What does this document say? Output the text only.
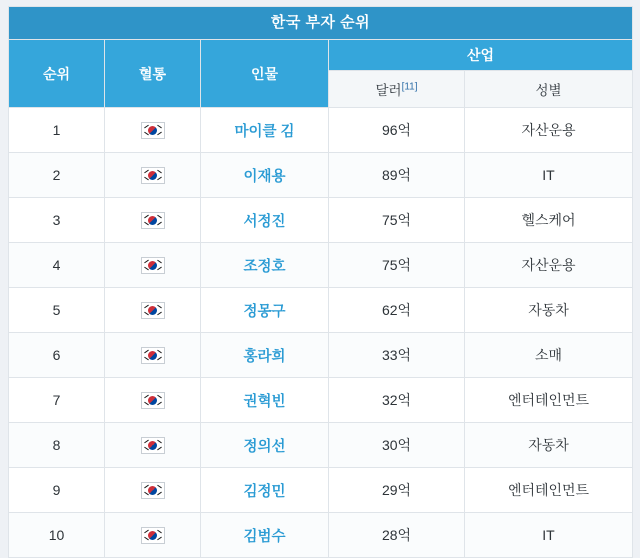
한국 부자 순위				
순위	혈통	인물	산업	
			달러[11]	성별
1		마이클 김	96억	자산운용
2		이재용	89억	IT
3		서정진	75억	헬스케어
4		조정호	75억	자산운용
5		정몽구	62억	자동차
6		홍라희	33억	소매
7		권혁빈	32억	엔터테인먼트
8		정의선	30억	자동차
9		김정민	29억	엔터테인먼트
10		김범수	28억	IT
